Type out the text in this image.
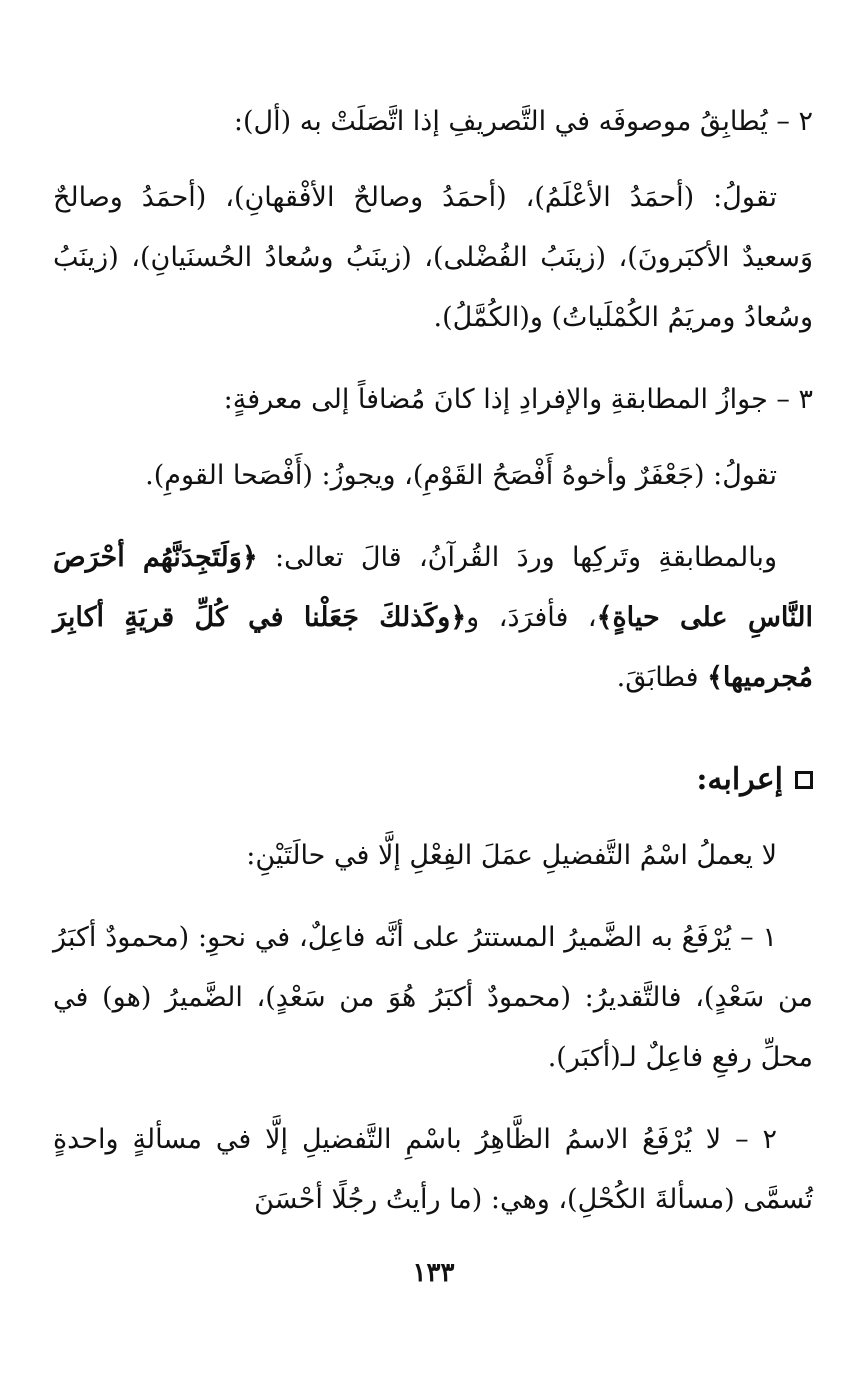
٢ – يُطابِقُ موصوفَه في التَّصريفِ إذا اتَّصَلَتْ به (أل):

تقولُ: (أحمَدُ الأعْلَمُ)، (أحمَدُ وصالحٌ الأفْقهانِ)، (أحمَدُ وصالحٌ وَسعيدٌ الأكبَرونَ)، (زينَبُ الفُضْلى)، (زينَبُ وسُعادُ الحُسنَيانِ)، (زينَبُ وسُعادُ ومريَمُ الكُمْلَياتُ) و(الكُمَّلُ).

٣ – جوازُ المطابقةِ والإفرادِ إذا كانَ مُضافاً إلى معرفةٍ:

تقولُ: (جَعْفَرٌ وأخوهُ أَفْصَحُ القَوْمِ)، ويجوزُ: (أَفْصَحا القومِ).

وبالمطابقةِ وتَركِها وردَ القُرآنُ، قالَ تعالى: ﴿وَلَتَجِدَنَّهُم أحْرَصَ النَّاسِ على حياةٍ﴾، فأفرَدَ، و﴿وكَذلكَ جَعَلْنا في كُلِّ قريَةٍ أكابِرَ مُجرميها﴾ فطابَقَ.

إعرابه:

لا يعملُ اسْمُ التَّفضيلِ عمَلَ الفِعْلِ إلَّا في حالَتَيْنِ:

١ – يُرْفَعُ به الضَّميرُ المستترُ على أنَّه فاعِلٌ، في نحوِ: (محمودٌ أكبَرُ من سَعْدٍ)، فالتَّقديرُ: (محمودٌ أكبَرُ هُوَ من سَعْدٍ)، الضَّميرُ (هو) في محلِّ رفعِ فاعِلٌ لـ(أكبَر).

٢ – لا يُرْفَعُ الاسمُ الظَّاهِرُ باسْمِ التَّفضيلِ إلَّا في مسألةٍ واحدةٍ تُسمَّى (مسألةَ الكُحْلِ)، وهي: (ما رأيتُ رجُلًا أحْسَنَ

١٣٣
